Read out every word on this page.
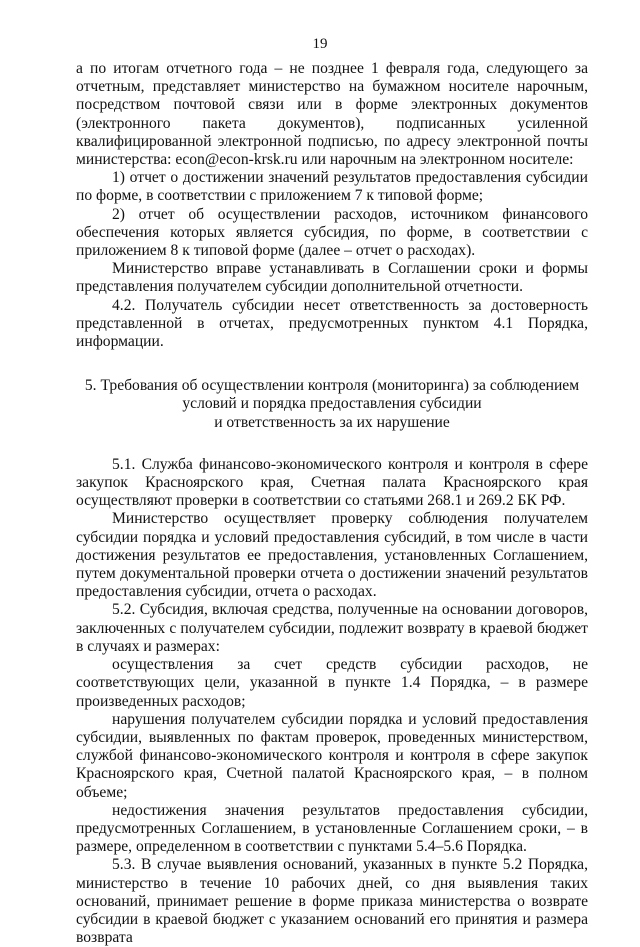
19

а по итогам отчетного года – не позднее 1 февраля года, следующего за отчетным, представляет министерство на бумажном носителе нарочным, посредством почтовой связи или в форме электронных документов (электронного пакета документов), подписанных усиленной квалифицированной электронной подписью, по адресу электронной почты министерства: econ@econ-krsk.ru или нарочным на электронном носителе:

1) отчет о достижении значений результатов предоставления субсидии по форме, в соответствии с приложением 7 к типовой форме;

2) отчет об осуществлении расходов, источником финансового обеспечения которых является субсидия, по форме, в соответствии с приложением 8 к типовой форме (далее – отчет о расходах).

Министерство вправе устанавливать в Соглашении сроки и формы представления получателем субсидии дополнительной отчетности.

4.2. Получатель субсидии несет ответственность за достоверность представленной в отчетах, предусмотренных пунктом 4.1 Порядка, информации.

5. Требования об осуществлении контроля (мониторинга) за соблюдением
условий и порядка предоставления субсидии
и ответственность за их нарушение

5.1. Служба финансово-экономического контроля и контроля в сфере закупок Красноярского края, Счетная палата Красноярского края осуществляют проверки в соответствии со статьями 268.1 и 269.2 БК РФ.

Министерство осуществляет проверку соблюдения получателем субсидии порядка и условий предоставления субсидий, в том числе в части достижения результатов ее предоставления, установленных Соглашением, путем документальной проверки отчета о достижении значений результатов предоставления субсидии, отчета о расходах.

5.2. Субсидия, включая средства, полученные на основании договоров, заключенных с получателем субсидии, подлежит возврату в краевой бюджет в случаях и размерах:

осуществления за счет средств субсидии расходов, не соответствующих цели, указанной в пункте 1.4 Порядка, – в размере произведенных расходов;

нарушения получателем субсидии порядка и условий предоставления субсидии, выявленных по фактам проверок, проведенных министерством, службой финансово-экономического контроля и контроля в сфере закупок Красноярского края, Счетной палатой Красноярского края, – в полном объеме;

недостижения значения результатов предоставления субсидии, предусмотренных Соглашением, в установленные Соглашением сроки, – в размере, определенном в соответствии с пунктами 5.4–5.6 Порядка.

5.3. В случае выявления оснований, указанных в пункте 5.2 Порядка, министерство в течение 10 рабочих дней, со дня выявления таких оснований, принимает решение в форме приказа министерства о возврате субсидии в краевой бюджет с указанием оснований его принятия и размера возврата
